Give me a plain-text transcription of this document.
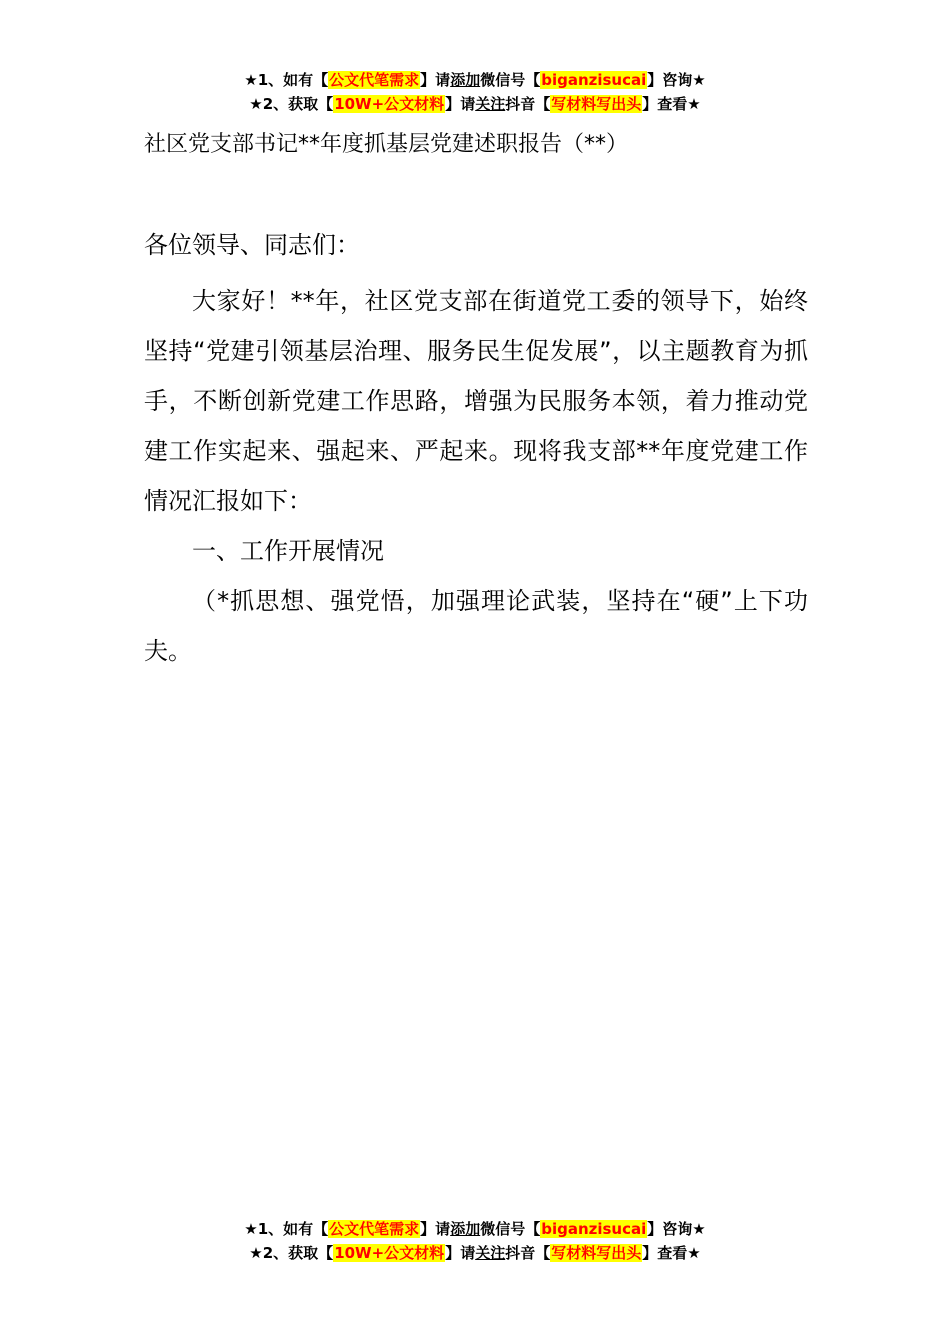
★1、如有【公文代笔需求】请添加微信号【biganzisucai】咨询★
★2、获取【10W+公文材料】请关注抖音【写材料写出头】查看★
社区党支部书记**年度抓基层党建述职报告（**）
各位领导、同志们：

大家好！**年，社区党支部在街道党工委的领导下，始终坚持“党建引领基层治理、服务民生促发展”，以主题教育为抓手，不断创新党建工作思路，增强为民服务本领，着力推动党建工作实起来、强起来、严起来。现将我支部**年度党建工作情况汇报如下：

一、工作开展情况

（*抓思想、强党悟，加强理论武装，坚持在“硬”上下功夫。

★1、如有【公文代笔需求】请添加微信号【biganzisucai】咨询★
★2、获取【10W+公文材料】请关注抖音【写材料写出头】查看★
